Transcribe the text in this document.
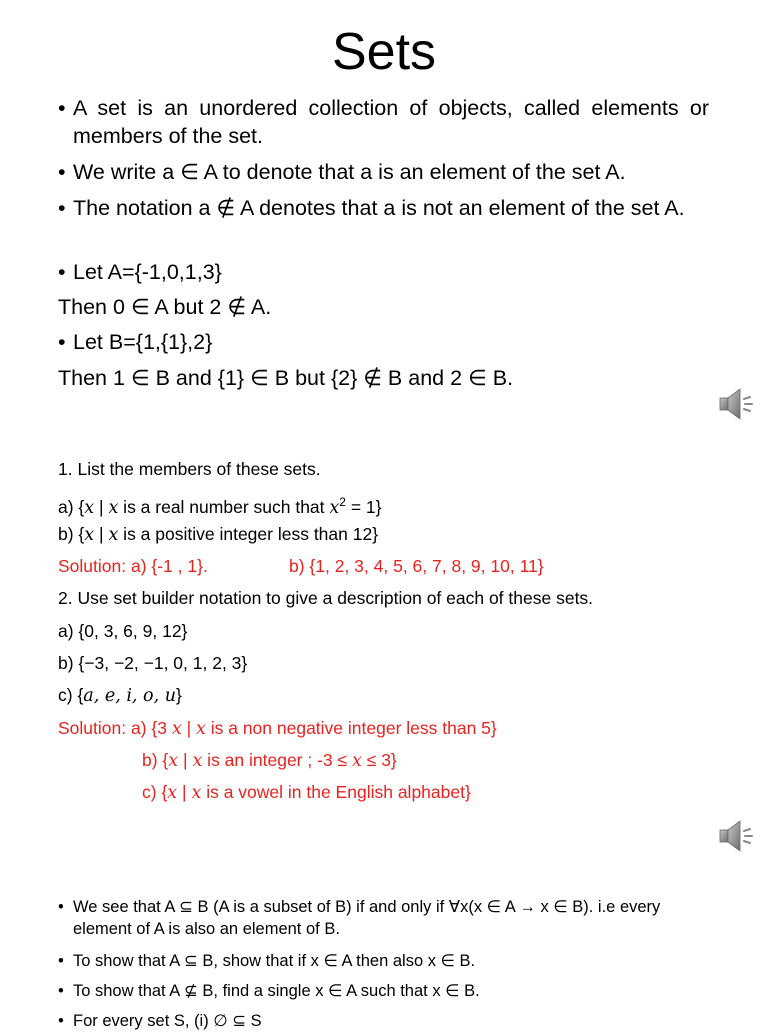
Sets

• A set is an unordered collection of objects, called elements or members of the set.

• We write a ∈ A to denote that a is an element of the set A.

• The notation a ∉ A denotes that a is not an element of the set A.

• Let A={-1,0,1,3}

Then 0 ∈ A but 2 ∉ A.

• Let B={1,{1},2}

Then 1 ∈ B and {1} ∈ B but {2} ∉ B and 2 ∈ B.

1. List the members of these sets.

a) {x | x is a real number such that $x^2 = 1$}

b) {x | x is a positive integer less than 12}

Solution: a) {-1 , 1}.	b) {1, 2, 3, 4, 5, 6, 7, 8, 9, 10, 11}

2. Use set builder notation to give a description of each of these sets.

a) {0, 3, 6, 9, 12}

b) {−3, −2, −1, 0, 1, 2, 3}

c) {a, e, i, o, u}

Solution: a) {3 x | x is a non negative integer less than 5}

b) {x | x is an integer ; -3 ≤ x ≤ 3}

c) {x | x is a vowel in the English alphabet}

• We see that A ⊆ B (A is a subset of B) if and only if ∀x(x ∈ A → x ∈ B). i.e every element of A is also an element of B.

• To show that A ⊆ B, show that if x ∈ A then also x ∈ B.

• To show that A ⊈ B, find a single x ∈ A such that x ∈ B.

• For every set S, (i) ∅ ⊆ S
